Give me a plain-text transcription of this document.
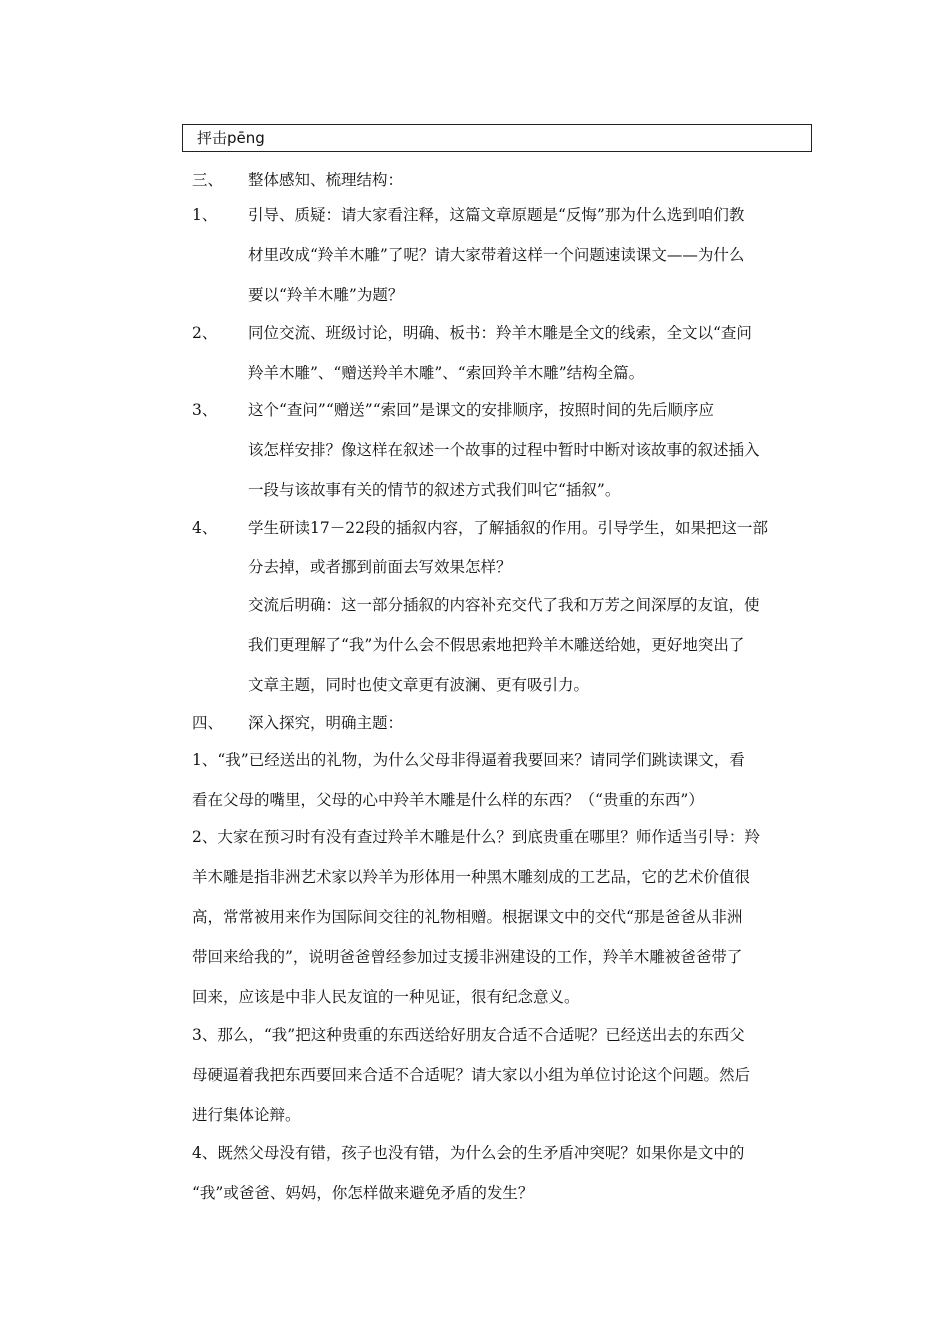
抨击pēng
三、 整体感知、梳理结构：
1、 引导、质疑：请大家看注释，这篇文章原题是“反悔”那为什么选到咱们教
材里改成“羚羊木雕”了呢？请大家带着这样一个问题速读课文——为什么
要以“羚羊木雕”为题？
2、 同位交流、班级讨论，明确、板书：羚羊木雕是全文的线索，全文以“查问
羚羊木雕”、“赠送羚羊木雕”、“索回羚羊木雕”结构全篇。
3、 这个“查问”“赠送”“索回”是课文的安排顺序，按照时间的先后顺序应
该怎样安排？像这样在叙述一个故事的过程中暂时中断对该故事的叙述插入
一段与该故事有关的情节的叙述方式我们叫它“插叙”。
4、 学生研读17－22段的插叙内容，了解插叙的作用。引导学生，如果把这一部
分去掉，或者挪到前面去写效果怎样？
交流后明确：这一部分插叙的内容补充交代了我和万芳之间深厚的友谊，使
我们更理解了“我”为什么会不假思索地把羚羊木雕送给她，更好地突出了
文章主题，同时也使文章更有波澜、更有吸引力。
四、 深入探究，明确主题：
1、“我”已经送出的礼物，为什么父母非得逼着我要回来？请同学们跳读课文，看
看在父母的嘴里，父母的心中羚羊木雕是什么样的东西？（“贵重的东西”）
2、大家在预习时有没有查过羚羊木雕是什么？到底贵重在哪里？师作适当引导：羚
羊木雕是指非洲艺术家以羚羊为形体用一种黑木雕刻成的工艺品，它的艺术价值很
高，常常被用来作为国际间交往的礼物相赠。根据课文中的交代“那是爸爸从非洲
带回来给我的”，说明爸爸曾经参加过支援非洲建设的工作，羚羊木雕被爸爸带了
回来，应该是中非人民友谊的一种见证，很有纪念意义。
3、那么，“我”把这种贵重的东西送给好朋友合适不合适呢？已经送出去的东西父
母硬逼着我把东西要回来合适不合适呢？请大家以小组为单位讨论这个问题。然后
进行集体论辩。
4、既然父母没有错，孩子也没有错，为什么会的生矛盾冲突呢？如果你是文中的
“我”或爸爸、妈妈，你怎样做来避免矛盾的发生？
